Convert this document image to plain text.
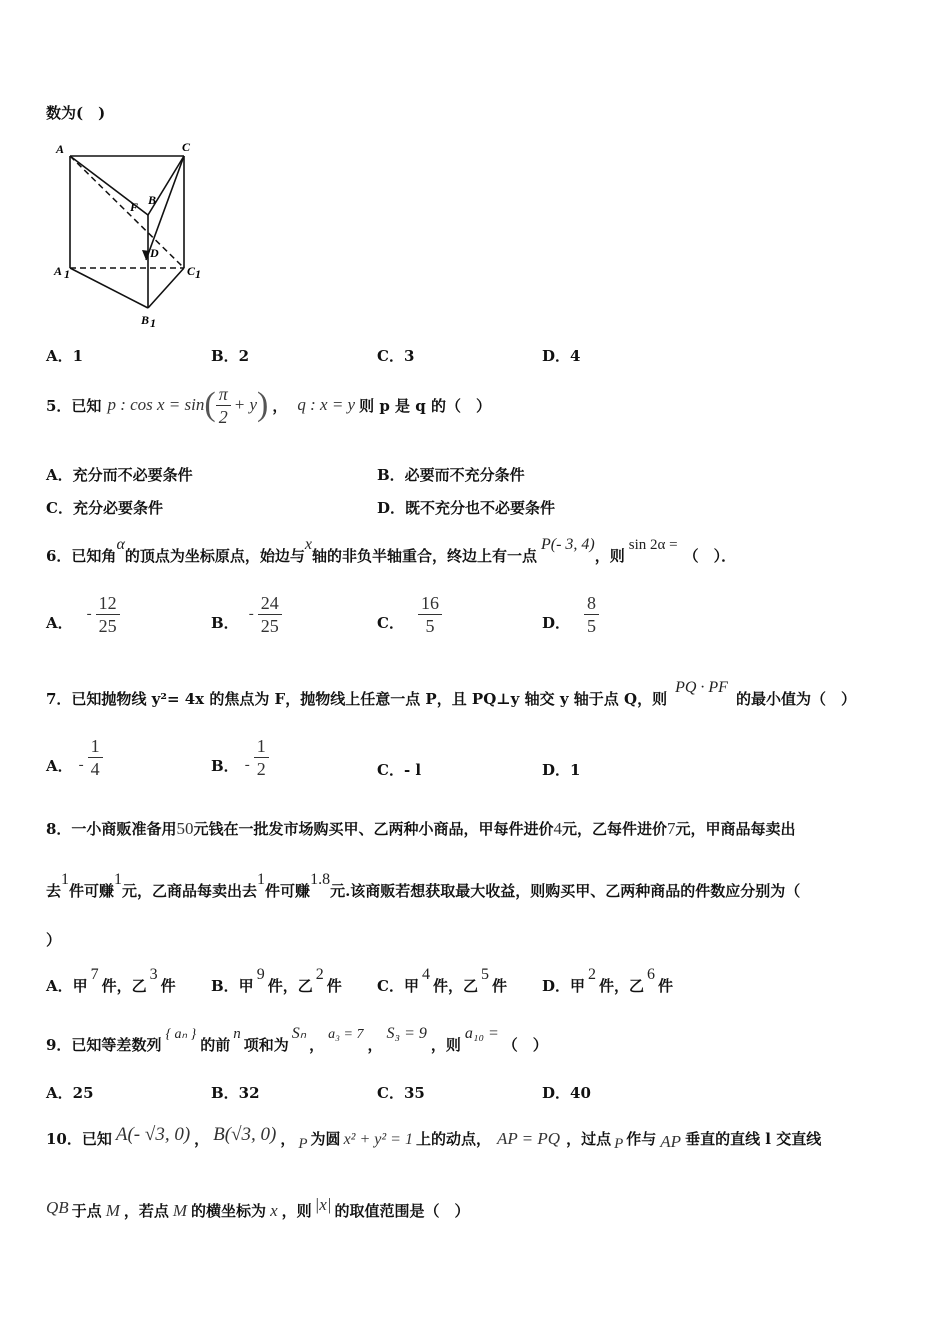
数为(　)
A	C
B
F
D
A 1	C 1
B 1
A．1	B．2	C．3	D．4
5．已知 p : cos x = sin ( $\frac{\pi}{2} + y$ ) ， q : x = y 则 p 是 q 的（　）
A．充分而不必要条件	B．必要而不充分条件
C．充分必要条件	D．既不充分也不必要条件
6．已知角α的顶点为坐标原点，始边与x轴的非负半轴重合，终边上有一点P(- 3, 4)，则sin 2α =（　）．
A． - $\frac{12}{25}$	B． - $\frac{24}{25}$	C． $\frac{16}{5}$	D． $\frac{8}{5}$
7．已知抛物线 y²= 4x 的焦点为 F，抛物线上任意一点 P，且 PQ⊥y 轴交 y 轴于点 Q，则PQ · PF的最小值为（　）
A． - $\frac{1}{4}$	B． - $\frac{1}{2}$	C．- l	D．1
8．一小商贩准备用50元钱在一批发市场购买甲、乙两种小商品，甲每件进价4元，乙每件进价7元，甲商品每卖出
去1件可赚1元，乙商品每卖出去1件可赚1.8元.该商贩若想获取最大收益，则购买甲、乙两种商品的件数应分别为（
）
A．甲7件，乙3件 B．甲9件，乙2件 C．甲4件，乙5件 D．甲2件，乙6件
9．已知等差数列{ aₙ }的前n项和为Sₙ，a₃ = 7，S₃ = 9，则a₁₀ =（　）
A．25	B．32	C．35	D．40
10．已知 A(- √3, 0) ， B(√3, 0) ， P 为圆 x² + y² = 1 上的动点， AP = PQ ，过点 P 作与 AP 垂直的直线 l 交直线
QB 于点 M ，若点 M 的横坐标为 x ，则 |x| 的取值范围是（　）
